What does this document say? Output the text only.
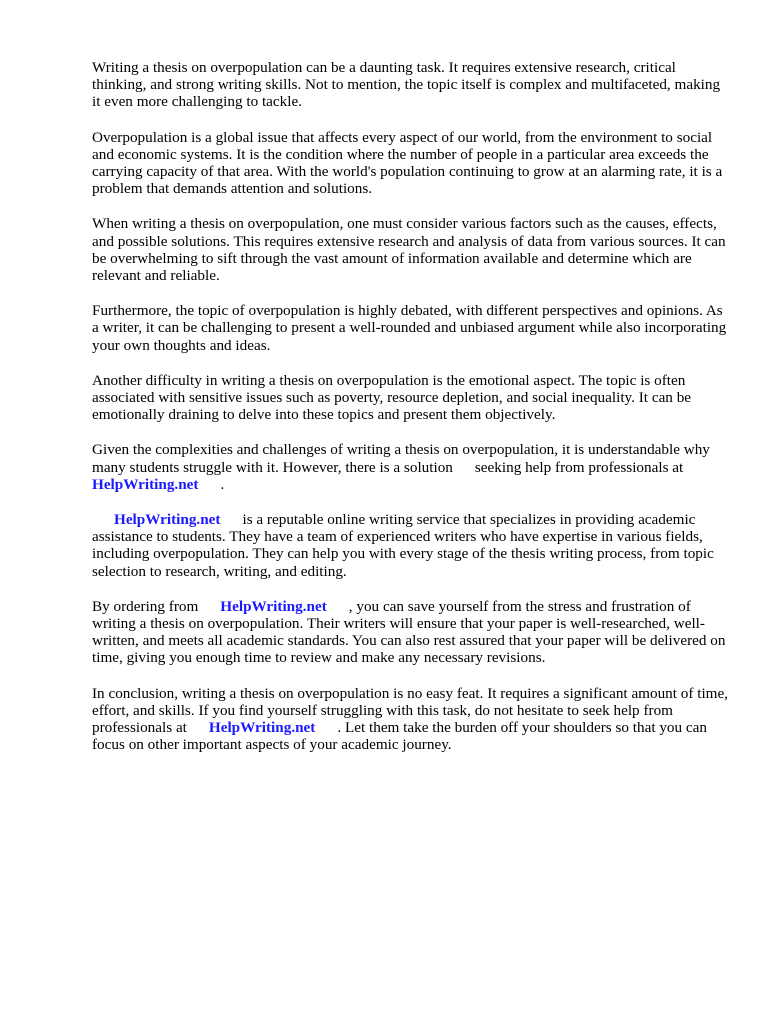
Writing a thesis on overpopulation can be a daunting task. It requires extensive research, critical thinking, and strong writing skills. Not to mention, the topic itself is complex and multifaceted, making it even more challenging to tackle.

Overpopulation is a global issue that affects every aspect of our world, from the environment to social and economic systems. It is the condition where the number of people in a particular area exceeds the carrying capacity of that area. With the world's population continuing to grow at an alarming rate, it is a problem that demands attention and solutions.

When writing a thesis on overpopulation, one must consider various factors such as the causes, effects, and possible solutions. This requires extensive research and analysis of data from various sources. It can be overwhelming to sift through the vast amount of information available and determine which are relevant and reliable.

Furthermore, the topic of overpopulation is highly debated, with different perspectives and opinions. As a writer, it can be challenging to present a well-rounded and unbiased argument while also incorporating your own thoughts and ideas.

Another difficulty in writing a thesis on overpopulation is the emotional aspect. The topic is often associated with sensitive issues such as poverty, resource depletion, and social inequality. It can be emotionally draining to delve into these topics and present them objectively.

Given the complexities and challenges of writing a thesis on overpopulation, it is understandable why many students struggle with it. However, there is a solution seeking help from professionals at
HelpWriting.net .

HelpWriting.net is a reputable online writing service that specializes in providing academic assistance to students. They have a team of experienced writers who have expertise in various fields, including overpopulation. They can help you with every stage of the thesis writing process, from topic selection to research, writing, and editing.

By ordering from HelpWriting.net , you can save yourself from the stress and frustration of writing a thesis on overpopulation. Their writers will ensure that your paper is well-researched, well-written, and meets all academic standards. You can also rest assured that your paper will be delivered on time, giving you enough time to review and make any necessary revisions.

In conclusion, writing a thesis on overpopulation is no easy feat. It requires a significant amount of time, effort, and skills. If you find yourself struggling with this task, do not hesitate to seek help from professionals at HelpWriting.net . Let them take the burden off your shoulders so that you can focus on other important aspects of your academic journey.
